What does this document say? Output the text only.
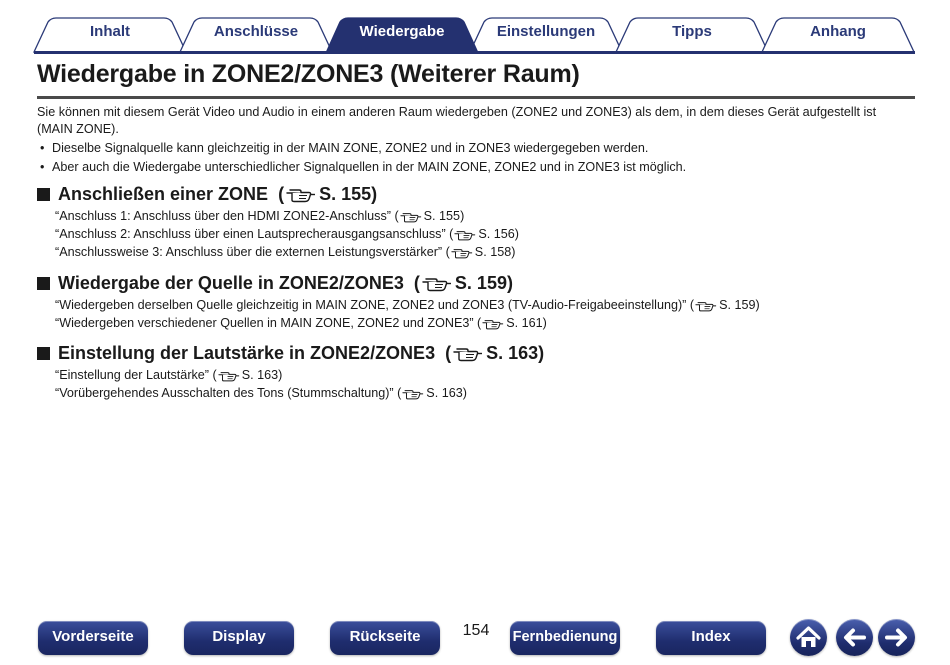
Inhalt	Anschlüsse	Wiedergabe	Einstellungen	Tipps	Anhang
Wiedergabe in ZONE2/ZONE3 (Weiterer Raum)
Sie können mit diesem Gerät Video und Audio in einem anderen Raum wiedergeben (ZONE2 und ZONE3) als dem, in dem dieses Gerät aufgestellt ist (MAIN ZONE).
• Dieselbe Signalquelle kann gleichzeitig in der MAIN ZONE, ZONE2 und in ZONE3 wiedergegeben werden.
• Aber auch die Wiedergabe unterschiedlicher Signalquellen in der MAIN ZONE, ZONE2 und in ZONE3 ist möglich.
Anschließen einer ZONE ( S. 155 )
“Anschluss 1: Anschluss über den HDMI ZONE2-Anschluss” ( S. 155)
“Anschluss 2: Anschluss über einen Lautsprecherausgangsanschluss” ( S. 156)
“Anschlussweise 3: Anschluss über die externen Leistungsverstärker” ( S. 158)
Wiedergabe der Quelle in ZONE2/ZONE3 ( S. 159 )
“Wiedergeben derselben Quelle gleichzeitig in MAIN ZONE, ZONE2 und ZONE3 (TV-Audio-Freigabeeinstellung)” ( S. 159)
“Wiedergeben verschiedener Quellen in MAIN ZONE, ZONE2 und ZONE3” ( S. 161)
Einstellung der Lautstärke in ZONE2/ZONE3 ( S. 163 )
“Einstellung der Lautstärke” ( S. 163)
“Vorübergehendes Ausschalten des Tons (Stummschaltung)” ( S. 163)
Vorderseite	Display	Rückseite	154	Fernbedienung	Index
